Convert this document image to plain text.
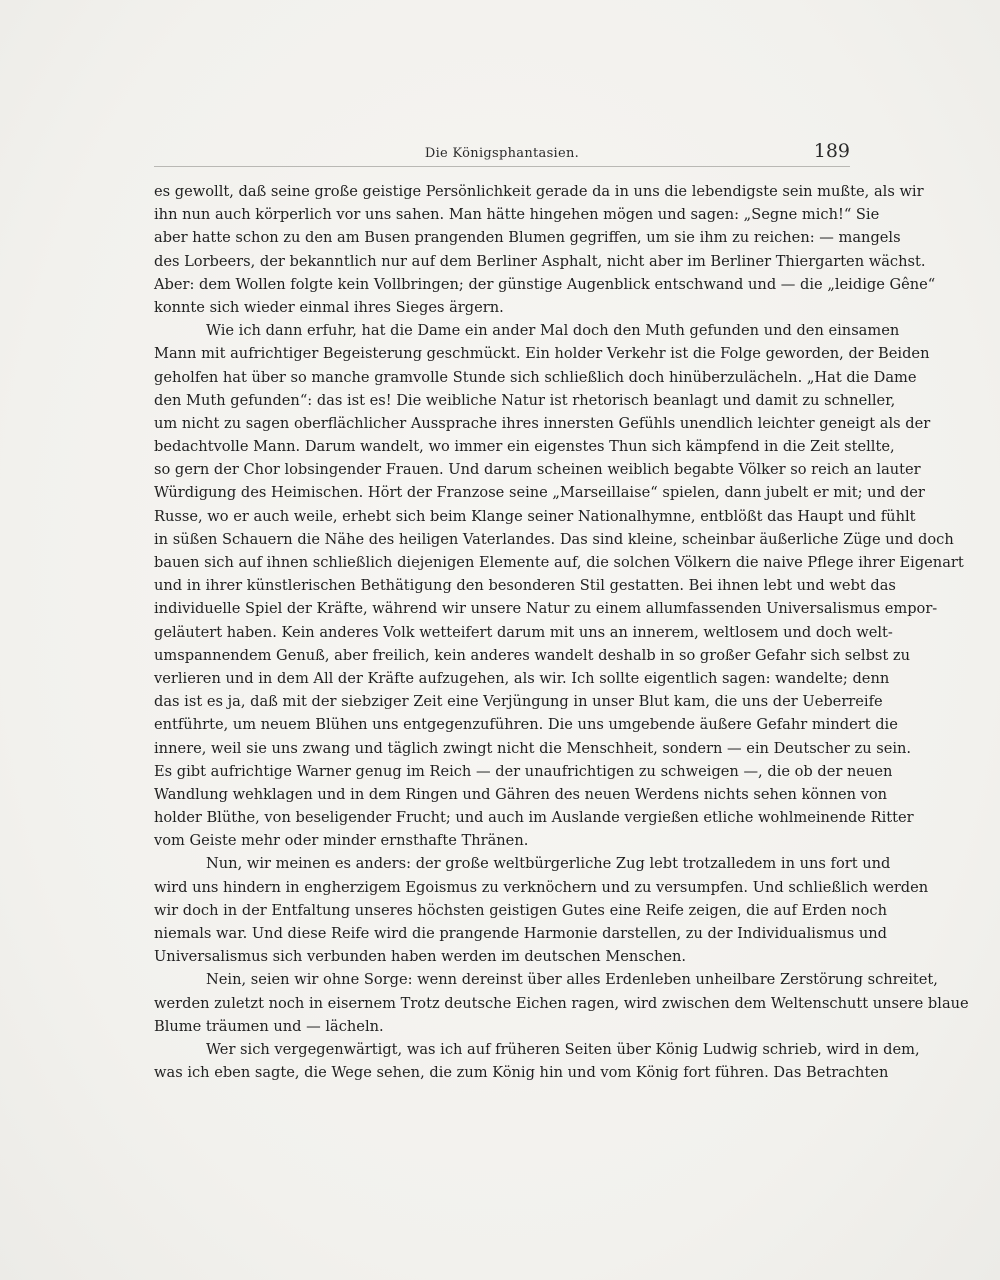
Die Königsphantasien.	189
es gewollt, daß seine große geistige Persönlichkeit gerade da in uns die lebendigste sein mußte, als wir
ihn nun auch körperlich vor uns sahen. Man hätte hingehen mögen und sagen: „Segne mich!“ Sie
aber hatte schon zu den am Busen prangenden Blumen gegriffen, um sie ihm zu reichen: — mangels
des Lorbeers, der bekanntlich nur auf dem Berliner Asphalt, nicht aber im Berliner Thiergarten wächst.
Aber: dem Wollen folgte kein Vollbringen; der günstige Augenblick entschwand und — die „leidige Gêne“
konnte sich wieder einmal ihres Sieges ärgern.
Wie ich dann erfuhr, hat die Dame ein ander Mal doch den Muth gefunden und den einsamen
Mann mit aufrichtiger Begeisterung geschmückt. Ein holder Verkehr ist die Folge geworden, der Beiden
geholfen hat über so manche gramvolle Stunde sich schließlich doch hinüberzulächeln. „Hat die Dame
den Muth gefunden“: das ist es! Die weibliche Natur ist rhetorisch beanlagt und damit zu schneller,
um nicht zu sagen oberflächlicher Aussprache ihres innersten Gefühls unendlich leichter geneigt als der
bedachtvolle Mann. Darum wandelt, wo immer ein eigenstes Thun sich kämpfend in die Zeit stellte,
so gern der Chor lobsingender Frauen. Und darum scheinen weiblich begabte Völker so reich an lauter
Würdigung des Heimischen. Hört der Franzose seine „Marseillaise“ spielen, dann jubelt er mit; und der
Russe, wo er auch weile, erhebt sich beim Klange seiner Nationalhymne, entblößt das Haupt und fühlt
in süßen Schauern die Nähe des heiligen Vaterlandes. Das sind kleine, scheinbar äußerliche Züge und doch
bauen sich auf ihnen schließlich diejenigen Elemente auf, die solchen Völkern die naive Pflege ihrer Eigenart
und in ihrer künstlerischen Bethätigung den besonderen Stil gestatten. Bei ihnen lebt und webt das
individuelle Spiel der Kräfte, während wir unsere Natur zu einem allumfassenden Universalismus empor-
geläutert haben. Kein anderes Volk wetteifert darum mit uns an innerem, weltlosem und doch welt-
umspannendem Genuß, aber freilich, kein anderes wandelt deshalb in so großer Gefahr sich selbst zu
verlieren und in dem All der Kräfte aufzugehen, als wir. Ich sollte eigentlich sagen: wandelte; denn
das ist es ja, daß mit der siebziger Zeit eine Verjüngung in unser Blut kam, die uns der Ueberreife
entführte, um neuem Blühen uns entgegenzuführen. Die uns umgebende äußere Gefahr mindert die
innere, weil sie uns zwang und täglich zwingt nicht die Menschheit, sondern — ein Deutscher zu sein.
Es gibt aufrichtige Warner genug im Reich — der unaufrichtigen zu schweigen —, die ob der neuen
Wandlung wehklagen und in dem Ringen und Gähren des neuen Werdens nichts sehen können von
holder Blüthe, von beseligender Frucht; und auch im Auslande vergießen etliche wohlmeinende Ritter
vom Geiste mehr oder minder ernsthafte Thränen.
Nun, wir meinen es anders: der große weltbürgerliche Zug lebt trotzalledem in uns fort und
wird uns hindern in engherzigem Egoismus zu verknöchern und zu versumpfen. Und schließlich werden
wir doch in der Entfaltung unseres höchsten geistigen Gutes eine Reife zeigen, die auf Erden noch
niemals war. Und diese Reife wird die prangende Harmonie darstellen, zu der Individualismus und
Universalismus sich verbunden haben werden im deutschen Menschen.
Nein, seien wir ohne Sorge: wenn dereinst über alles Erdenleben unheilbare Zerstörung schreitet,
werden zuletzt noch in eisernem Trotz deutsche Eichen ragen, wird zwischen dem Weltenschutt unsere blaue
Blume träumen und — lächeln.
Wer sich vergegenwärtigt, was ich auf früheren Seiten über König Ludwig schrieb, wird in dem,
was ich eben sagte, die Wege sehen, die zum König hin und vom König fort führen. Das Betrachten
